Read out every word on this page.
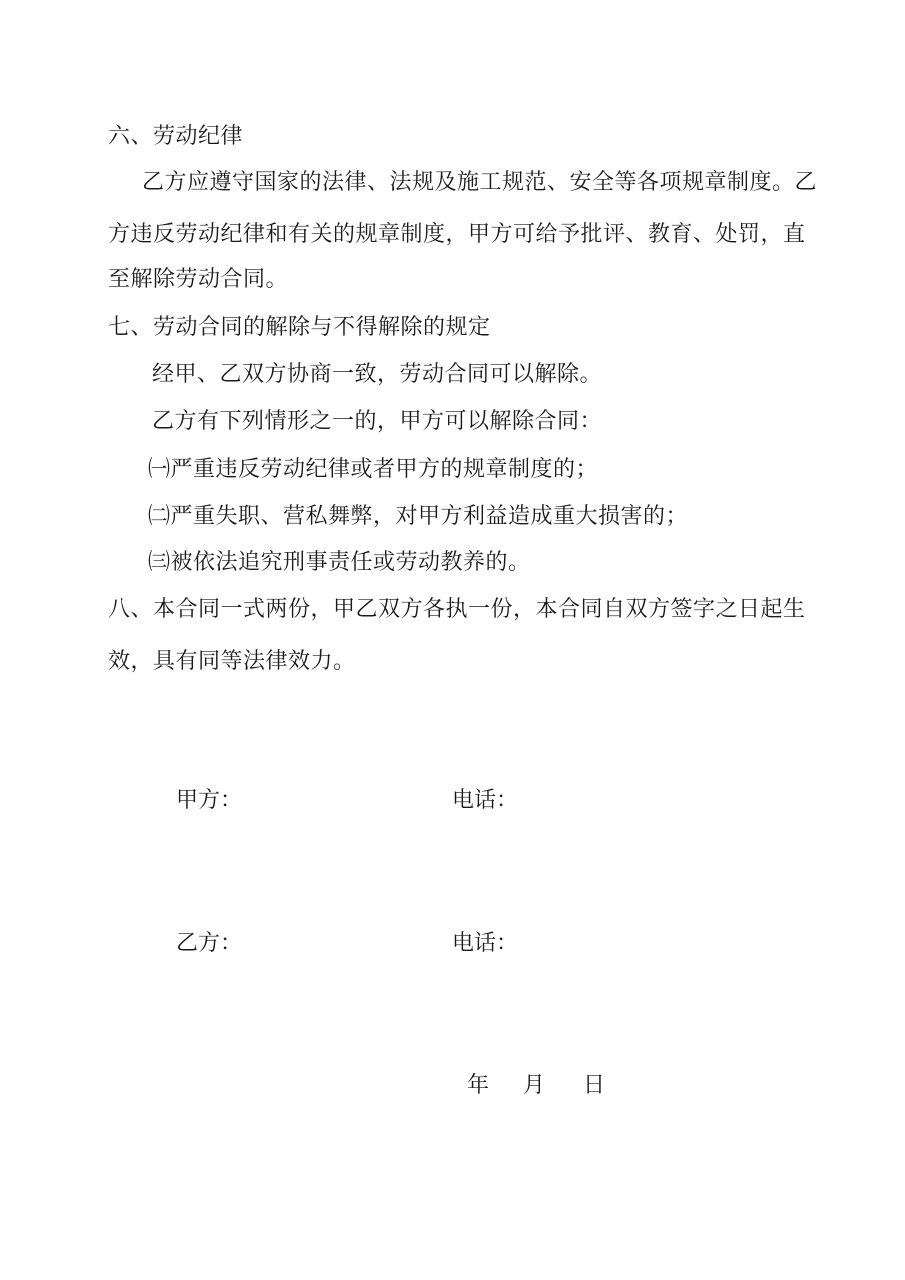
六、劳动纪律
乙方应遵守国家的法律、法规及施工规范、安全等各项规章制度。乙
方违反劳动纪律和有关的规章制度，甲方可给予批评、教育、处罚，直
至解除劳动合同。
七、劳动合同的解除与不得解除的规定
经甲、乙双方协商一致，劳动合同可以解除。
乙方有下列情形之一的，甲方可以解除合同：
㈠严重违反劳动纪律或者甲方的规章制度的；
㈡严重失职、营私舞弊，对甲方利益造成重大损害的；
㈢被依法追究刑事责任或劳动教养的。
八、本合同一式两份，甲乙双方各执一份，本合同自双方签字之日起生
效，具有同等法律效力。
甲方：	电话：
乙方：	电话：
年 月 日
